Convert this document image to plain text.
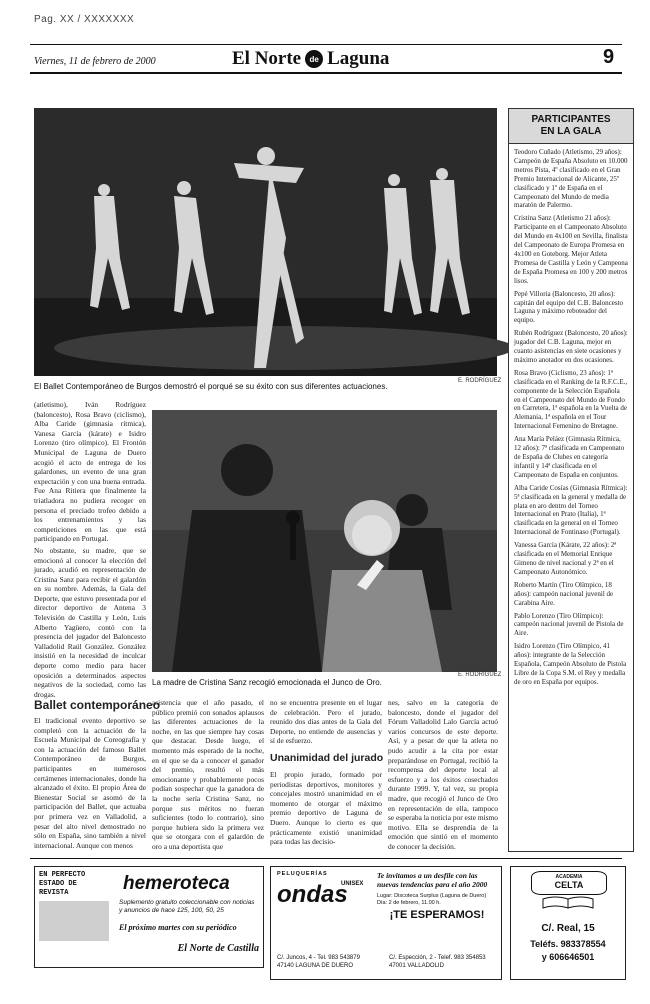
Pag. XX / XXXXXXX
Viernes, 11 de febrero de 2000	El Norte	de Laguna	9
El Ballet Contemporáneo de Burgos demostró el porqué se su éxito con sus diferentes actuaciones.
E. RODRÍGUEZ

(atletismo), Iván Rodríguez (baloncesto), Rosa Bravo (ciclismo), Alba Caride (gimnasia rítmica), Vanesa García (kárate) e Isidro Lorenzo (tiro olímpico). El Frontón Municipal de Laguna de Duero acogió el acto de entrega de los galardones, un evento de una gran expectación y con una buena entrada. Fue Ana Ritiera que finalmente la triatladora no pudiera recoger en persona el preciado trofeo debido a los entrenamientos y las competiciones en las que está participando en Portugal.

No obstante, su madre, que se emocionó al conocer la elección del jurado, acudió en representación de Cristina Sanz para recibir el galardón en su nombre. Además, la Gala del Deporte, que estuvo presentada por el director deportivo de Antena 3 Televisión de Castilla y León, Luis Alberto Yagüero, contó con la presencia del jugador del Baloncesto Valladolid Raúl González. González insistió en la necesidad de inculcar deporte como medio para hacer oposición a determinados aspectos negativos de la sociedad, como las drogas.

La madre de Cristina Sanz recogió emocionada el Junco de Oro.
E. RODRÍGUEZ
Ballet contemporáneo
El tradicional evento deportivo se completó con la actuación de la Escuela Municipal de Coreografía y con la actuación del famoso Ballet Contemporáneo de Burgos, participantes en numerosos certámenes internacionales, donde ha alcanzado el éxito. El propio Área de Bienestar Social se asomó de la participación del Ballet, que actuaba por primera vez en Valladolid, a pesar del alto nivel demostrado no sólo en España, sino también a nivel internacional. Aunque con menos
asistencia que el año pasado, el público premió con sonados aplausos las diferentes actuaciones de la noche, en las que siempre hay cosas que destacar. Desde luego, el momento más esperado de la noche, en el que se da a conocer el ganador del premio, resultó el más emocionante y probablemente pocos podían sospechar que la ganadora de la noche sería Cristina Sanz, no porque sus méritos no fueran suficientes (todo lo contrario), sino porque hubiera sido la primera vez que se otorgara con el galardón de oro a una deportista que
no se encuentra presente en el lugar de celebración. Pero el jurado, reunido dos días antes de la Gala del Deporte, no entiende de ausencias y sí de esfuerzo.
Unanimidad del jurado
El propio jurado, formado por periodistas deportivos, monitores y concejales mostró unanimidad en el momento de otorgar el máximo premio deportivo de Laguna de Duero. Aunque lo cierto es que prácticamente existió unanimidad para todas las decisio-
nes, salvo en la categoría de baloncesto, donde el jugador del Fórum Valladolid Lalo García actuó varios concursos de este deporte. Así, y a pesar de que la atleta no pudo acudir a la cita por estar preparándose en Portugal, recibió la recompensa del deporte local al esfuerzo y a los éxitos cosechados durante 1999. Y, tal vez, su propia madre, que recogió el Junco de Oro en representación de ella, tampoco se esperaba la noticia por este mismo motivo. Ella se desprendía de la emoción que sintió en el momento de conocer la decisión.
PARTICIPANTES
EN LA GALA

Teodoro Cuñado (Atletismo, 29 años): Campeón de España Absoluto en 10.000 metros Pista, 4º clasificado en el Gran Premio Internacional de Alicante, 25º clasificado y 1º de España en el Campeonato del Mundo de media maratón de Palermo.

Cristina Sanz (Atletismo 21 años): Participante en el Campeonato Absoluto del Mundo en 4x100 en Sevilla, finalista del Campeonato de Europa Promesa en 4x100 en Goteborg. Mejor Atleta Promesa de Castilla y León y Campeona de España Promesa en 100 y 200 metros lisos.

Pepé Villoria (Baloncesto, 20 años): capitán del equipo del C.B. Baloncesto Laguna y máximo reboteador del equipo.

Rubén Rodríguez (Baloncesto, 20 años): jugador del C.B. Laguna, mejor en cuanto asistencias en siete ocasiones y máximo anotador en dos ocasiones.

Rosa Bravo (Ciclismo, 23 años): 1ª clasificada en el Ranking de la R.F.C.E., componente de la Selección Española en el Campeonato del Mundo de Fondo en Carretera, 1ª española en la Vuelta de Alemania, 1ª española en el Tour Internacional Femenino de Bretagne.

Ana María Peláez (Gimnasia Rítmica, 12 años): 7ª clasificada en Campeonato de España de Clubes en categoría infantil y 14ª clasificada en el Campeonato de España en conjuntos.

Alba Caride Cosías (Gimnasia Rítmica): 5ª clasificada en la general y medalla de plata en aro dentro del Torneo Internacional en Prato (Italia), 1ª clasificada en la general en el Torneo Internacional de Fontinaso (Portugal).

Vanessa García (Kárate, 22 años): 2ª clasificada en el Memorial Enrique Gimeno de nivel nacional y 2ª en el Campeonato Autonómico.

Roberto Martín (Tiro Olímpico, 18 años): campeón nacional juvenil de Carabina Aire.

Pablo Lorenzo (Tiro Olímpico): campeón nacional juvenil de Pistola de Aire.

Isidro Lorenzo (Tiro Olímpico, 41 años): integrante de la Selección Española, Campeón Absoluto de Pistola Libre de la Copa S.M. el Rey y medalla de oro en España por equipos.

EN PERFECTO
ESTADO DE
REVISTA	hemeroteca
Suplemento gratuito coleccionable con noticias y anuncios de hace 125, 100, 50, 25
El próximo martes con su periódico
El Norte de Castilla
PELUQUERÍAS
ondas
UNISEX
Te invitamos a un desfile con las
nuevas tendencias para el año 2000
Lugar: Discoteca Surplus (Laguna de Duero)
Día: 2 de febrero, 11.00 h.
¡TE ESPERAMOS!
C/. Juncos, 4 - Tel. 983 543879
47140 LAGUNA DE DUERO
C/. Espección, 2 - Telef. 983 354853
47001 VALLADOLID
ACADEMIA
CELTA
C/. Real, 15
Teléfs. 983378554
y 606646501
